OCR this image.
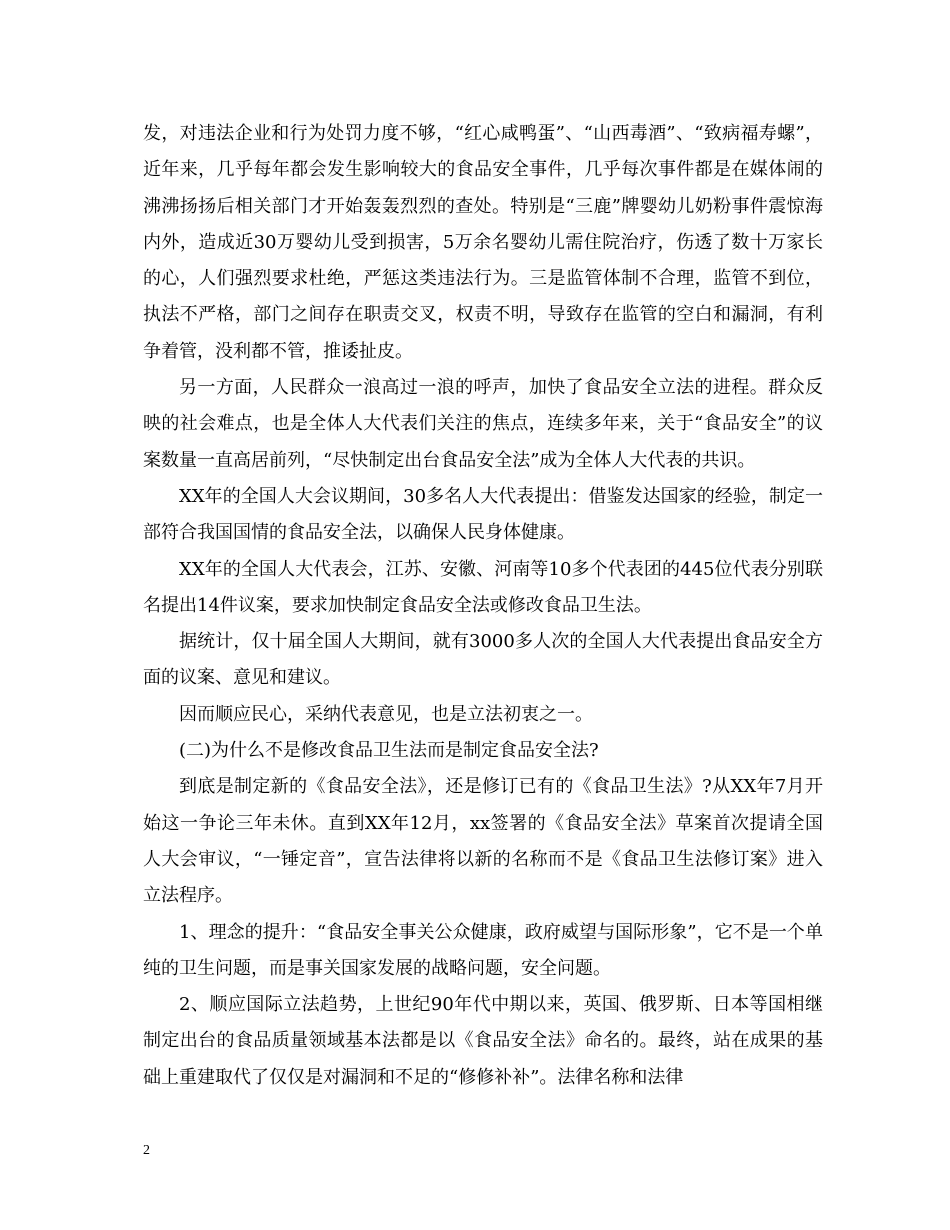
发，对违法企业和行为处罚力度不够，“红心咸鸭蛋”、“山西毒酒”、“致病福寿螺”，近年来，几乎每年都会发生影响较大的食品安全事件，几乎每次事件都是在媒体闹的沸沸扬扬后相关部门才开始轰轰烈烈的查处。特别是“三鹿”牌婴幼儿奶粉事件震惊海内外，造成近30万婴幼儿受到损害，5万余名婴幼儿需住院治疗，伤透了数十万家长的心，人们强烈要求杜绝，严惩这类违法行为。三是监管体制不合理，监管不到位，执法不严格，部门之间存在职责交叉，权责不明，导致存在监管的空白和漏洞，有利争着管，没利都不管，推诿扯皮。

另一方面，人民群众一浪高过一浪的呼声，加快了食品安全立法的进程。群众反映的社会难点，也是全体人大代表们关注的焦点，连续多年来，关于“食品安全”的议案数量一直高居前列，“尽快制定出台食品安全法”成为全体人大代表的共识。

XX年的全国人大会议期间，30多名人大代表提出：借鉴发达国家的经验，制定一部符合我国国情的食品安全法，以确保人民身体健康。

XX年的全国人大代表会，江苏、安徽、河南等10多个代表团的445位代表分别联名提出14件议案，要求加快制定食品安全法或修改食品卫生法。

据统计，仅十届全国人大期间，就有3000多人次的全国人大代表提出食品安全方面的议案、意见和建议。

因而顺应民心，采纳代表意见，也是立法初衷之一。

(二)为什么不是修改食品卫生法而是制定食品安全法?

到底是制定新的《食品安全法》，还是修订已有的《食品卫生法》?从XX年7月开始这一争论三年未休。直到XX年12月，xx签署的《食品安全法》草案首次提请全国人大会审议，“一锤定音”，宣告法律将以新的名称而不是《食品卫生法修订案》进入立法程序。

1、理念的提升：“食品安全事关公众健康，政府威望与国际形象”，它不是一个单纯的卫生问题，而是事关国家发展的战略问题，安全问题。

2、顺应国际立法趋势，上世纪90年代中期以来，英国、俄罗斯、日本等国相继制定出台的食品质量领域基本法都是以《食品安全法》命名的。最终，站在成果的基础上重建取代了仅仅是对漏洞和不足的“修修补补”。法律名称和法律

2
